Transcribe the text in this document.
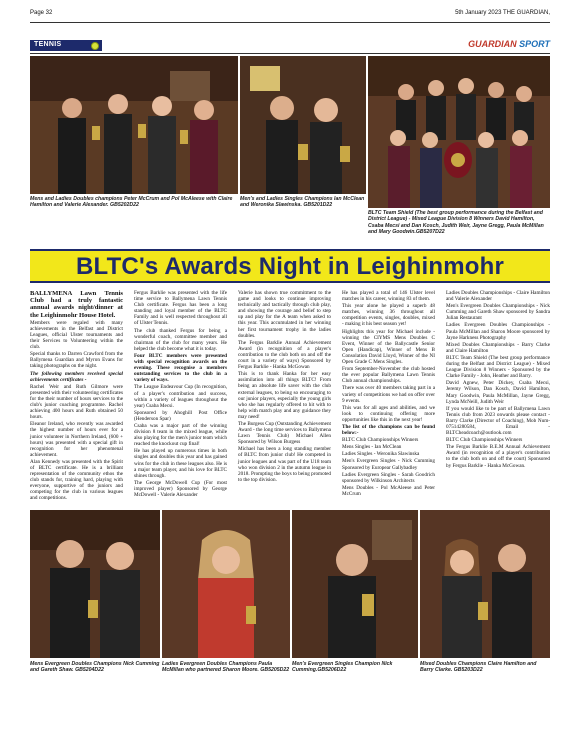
Page 32	5th January 2023 THE GUARDIAN,
TENNIS	GUARDIAN SPORT
Mens and Ladies Doubles champions Peter McCrum and Pol McAleese with Claire Hamilton and Valerie Alexander. GB5202D22
Men's and Ladies Singles Champions Ian McClean and Weronika Slawinska. GB5201D22
BLTC Team Shield (The best group performance during the Belfast and District League) - Mixed League Division 8 Winners David Hamilton, Csaba Mecsi and Dan Kosch, Judith Weir, Jayne Gregg, Paula McMillan and Mary Goodwin.GB5207D22
BLTC's Awards Night in Leighinmohr

BALLYMENA Lawn Tennis Club had a truly fantastic annual awards night/dinner at the Leighinmohr House Hotel.

Members were regaled with many achievements in the Belfast and District Leagues, official Ulster tournaments and their Services to Volunteering within the club.

Special thanks to Darren Crawford from the Ballymena Guardian and Myron Evans for taking photographs on the night.

The following members received special achievements certificates -

Rachel Weir and Ruth Gilmore were presented with their volunteering certificates for the their number of hours services to the club's junior coaching programme. Rachel achieving 400 hours and Ruth obtained 50 hours.

Eleanor Ireland, who recently was awarded the highest number of hours ever for a junior volunteer in Northern Ireland, (600 + hours) was presented with a special gift in recognition for her phenomenal achievement.

Alan Kennedy was presented with the Spirit of BLTC certificate. He is a brilliant representation of the community ethos the club stands for, training hard, playing with everyone, supportive of the juniors and competing for the club in various leagues and competitions.

Fergus Barklie was presented with the life time service to Ballymena Lawn Tennis Club certificate. Fergus has been a long standing and loyal member of the BLTC Family and is well respected throughout all of Ulster Tennis.

The club thanked Fergus for being a wonderful coach, committee member and chairman of the club for many years. He helped the club become what it is today.

Four BLTC members were presented with special recognition awards on the evening. These recognise a members outstanding services to the club in a variety of ways.

The League Endeavour Cup (In recognition, of a player's contribution and success, within a variety of leagues throughout the year) Csaba Mecsi.

Sponsored by Ahoghill Post Office (Henderson Spar)

Csaba was a major part of the winning division 8 team in the mixed league, while also playing for the men's junior team which reached the knockout cup final!

He has played up numerous times in both singles and doubles this year and has gained wins for the club in these leagues also. He is a major team player, and his love for BLTC shines through.

The George McDowell Cup (For most improved player) Sponsored by George McDowell - Valerie Alexander

Valerie has shown true commitment to the game and looks to continue improving technically and tactically through club play, and showing the courage and belief to step up and play for the A team when asked to this year. This accumulated in her winning her first tournament trophy in the ladies doubles.

The Fergus Barklie Annual Achievement Award (in recognition of a player's contribution to the club both on and off the court in a variety of ways) Sponsored by Fergus Barklie - Hanka McGowan

This is to thank Hanka for her easy assimilation into all things BLTC! From being an absolute life saver with the club external leagues, to being so encouraging to our junior players, especially the young girls who she has regularly offered to hit with to help with match play and any guidance they may need!

The Burgess Cup (Outstanding Achievement Award - the long time services to Ballymena Lawn Tennis Club) Michael Allen Sponsored by Wilson Burgess

Michael has been a long standing member of BLTC from junior club! He competed in junior leagues and was part of the U18 team who won division 2 in the autumn league in 2018. Prompting the boys to being promoted to the top division.

He has played a total of 146 Ulster level matches in his career, winning 83 of them.

This year alone he played a superb 48 matches, winning 36 throughout all competition events, singles, doubles, mixed - making it his best season yet!

Highlights this year for Michael include - winning the CIYMS Mens Doubles C Event, Winner of the Ballycastle Senior Open (Handicap), Winner of Mens B Consolation David Lloyd, Winner of the NI Open Grade C Mens Singles.

From September-November the club hosted the ever popular Ballymena Lawn Tennis Club annual championships.

There was over 40 members taking part in a variety of competitions we had on offer over 9 events.

This was for all ages and abilities, and we look to continuing offering more opportunities like this in the next year!

The list of the champions can be found below:-

BLTC Club Championships Winners

Mens Singles - Ian McClean

Ladies Singles - Weronika Slawinska

Men's Evergreen Singles - Nick Cumming Sponsored by Europear Gallybadley

Ladies Evergreen Singles - Sarah Goodrich sponsored by Wilkinson Architects

Mens Doubles - Pol McAleese and Peter McCrum

Ladies Doubles Championships - Claire Hamilton and Valerie Alexander

Men's Evergreen Doubles Championships - Nick Cumming and Gareth Shaw sponsored by Sandra Julian Restaurant

Ladies Evergreen Doubles Championships - Paula McMillan and Sharon Moore sponsored by Jayne Harkness Photography

Mixed Doubles Championships - Barry Clarke and Claire Hamilton

BLTC Team Shield (The best group performance during the Belfast and District League) - Mixed League Division 8 Winners - Sponsored by the Clarke Family - John, Heather and Barry.

David Agnew, Peter Dickey, Csaba Mecsi, Jeremy Wilson, Dan Kosch, David Hamilton, Mary Goodwin, Paula McMillan, Jayne Gregg, Lynda McNeill, Judith Weir

If you would like to be part of Ballymena Lawn Tennis club from 2023 onwards please contact - Barry Clarke (Director of Coaching), Mob Num-07514280584, Email - BLTCheadcoach@outlook.com

BLTC Club Championships Winners

The Fergus Barklie B.E.M Annual Achievement Award (in recognition of a player's contribution to the club both on and off the court) Sponsored by Fergus Barklie - Hanka McGowan.

Mens Evergreen Doubles Champions Nick Cumming and Gareth Shaw. GB5204D22
Ladies Evergreen Doubles Champions Paula McMillan who partnered Sharon Moore. GB5205D22
Men's Evergreen Singles Champion Nick Cumming.GB5206D22
Mixed Doubles Champions Claire Hamilton and Barry Clarke. GB5203D22
